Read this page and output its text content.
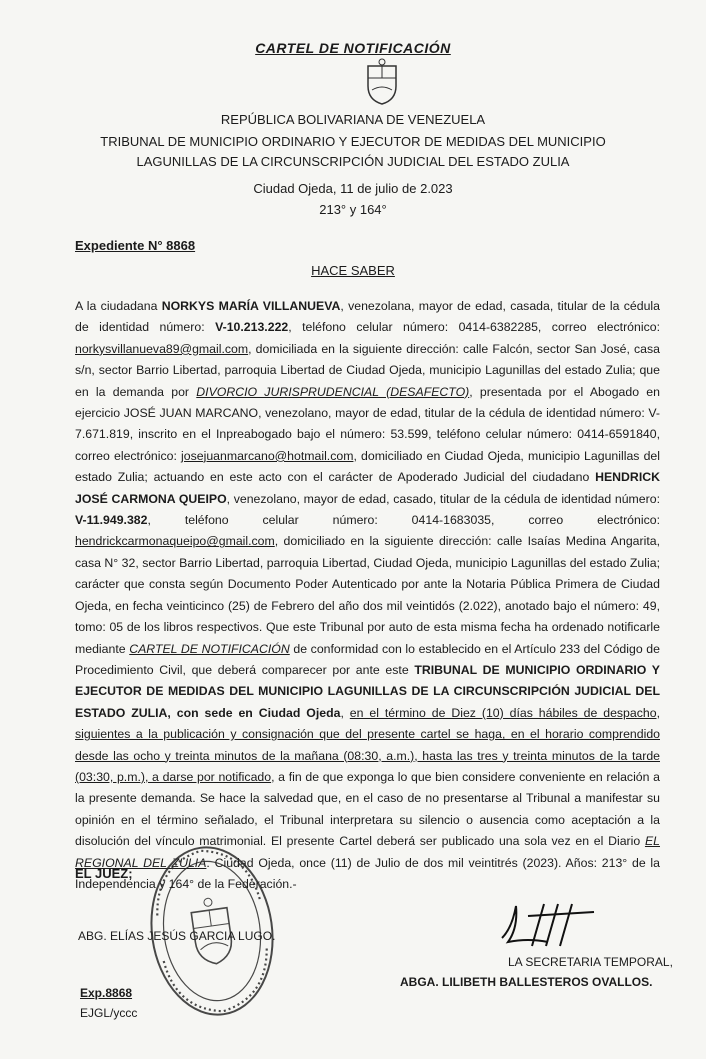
CARTEL DE NOTIFICACIÓN
REPÚBLICA BOLIVARIANA DE VENEZUELA
TRIBUNAL DE MUNICIPIO ORDINARIO Y EJECUTOR DE MEDIDAS DEL MUNICIPIO
LAGUNILLAS DE LA CIRCUNSCRIPCIÓN JUDICIAL DEL ESTADO ZULIA
Ciudad Ojeda, 11 de julio de 2.023
213° y 164°
Expediente N° 8868
HACE SABER
A la ciudadana NORKYS MARÍA VILLANUEVA, venezolana, mayor de edad, casada, titular de la cédula de identidad número: V-10.213.222, teléfono celular número: 0414-6382285, correo electrónico: norkysvillanueva89@gmail.com, domiciliada en la siguiente dirección: calle Falcón, sector San José, casa s/n, sector Barrio Libertad, parroquia Libertad de Ciudad Ojeda, municipio Lagunillas del estado Zulia; que en la demanda por DIVORCIO JURISPRUDENCIAL (DESAFECTO), presentada por el Abogado en ejercicio JOSÉ JUAN MARCANO, venezolano, mayor de edad, titular de la cédula de identidad número: V-7.671.819, inscrito en el Inpreabogado bajo el número: 53.599, teléfono celular número: 0414-6591840, correo electrónico: josejuanmarcano@hotmail.com, domiciliado en Ciudad Ojeda, municipio Lagunillas del estado Zulia; actuando en este acto con el carácter de Apoderado Judicial del ciudadano HENDRICK JOSÉ CARMONA QUEIPO, venezolano, mayor de edad, casado, titular de la cédula de identidad número: V-11.949.382, teléfono celular número: 0414-1683035, correo electrónico: hendrickcarmonaqueipo@gmail.com, domiciliado en la siguiente dirección: calle Isaías Medina Angarita, casa N° 32, sector Barrio Libertad, parroquia Libertad, Ciudad Ojeda, municipio Lagunillas del estado Zulia; carácter que consta según Documento Poder Autenticado por ante la Notaria Pública Primera de Ciudad Ojeda, en fecha veinticinco (25) de Febrero del año dos mil veintidós (2.022), anotado bajo el número: 49, tomo: 05 de los libros respectivos. Que este Tribunal por auto de esta misma fecha ha ordenado notificarle mediante CARTEL DE NOTIFICACIÓN de conformidad con lo establecido en el Artículo 233 del Código de Procedimiento Civil, que deberá comparecer por ante este TRIBUNAL DE MUNICIPIO ORDINARIO Y EJECUTOR DE MEDIDAS DEL MUNICIPIO LAGUNILLAS DE LA CIRCUNSCRIPCIÓN JUDICIAL DEL ESTADO ZULIA, con sede en Ciudad Ojeda, en el término de Diez (10) días hábiles de despacho, siguientes a la publicación y consignación que del presente cartel se haga, en el horario comprendido desde las ocho y treinta minutos de la mañana (08:30, a.m.), hasta las tres y treinta minutos de la tarde (03:30, p.m.), a darse por notificado, a fin de que exponga lo que bien considere conveniente en relación a la presente demanda. Se hace la salvedad que, en el caso de no presentarse al Tribunal a manifestar su opinión en el término señalado, el Tribunal interpretara su silencio o ausencia como aceptación a la disolución del vínculo matrimonial. El presente Cartel deberá ser publicado una sola vez en el Diario EL REGIONAL DEL ZULIA. Ciudad Ojeda, once (11) de Julio de dos mil veintitrés (2023). Años: 213° de la Independencia y 164° de la Federación.-
EL JUEZ;
ABG. ELÍAS JESÚS GARCIA LUGO.
LA SECRETARIA TEMPORAL,
ABGA. LILIBETH BALLESTEROS OVALLOS.
Exp.8868
EJGL/yccc
